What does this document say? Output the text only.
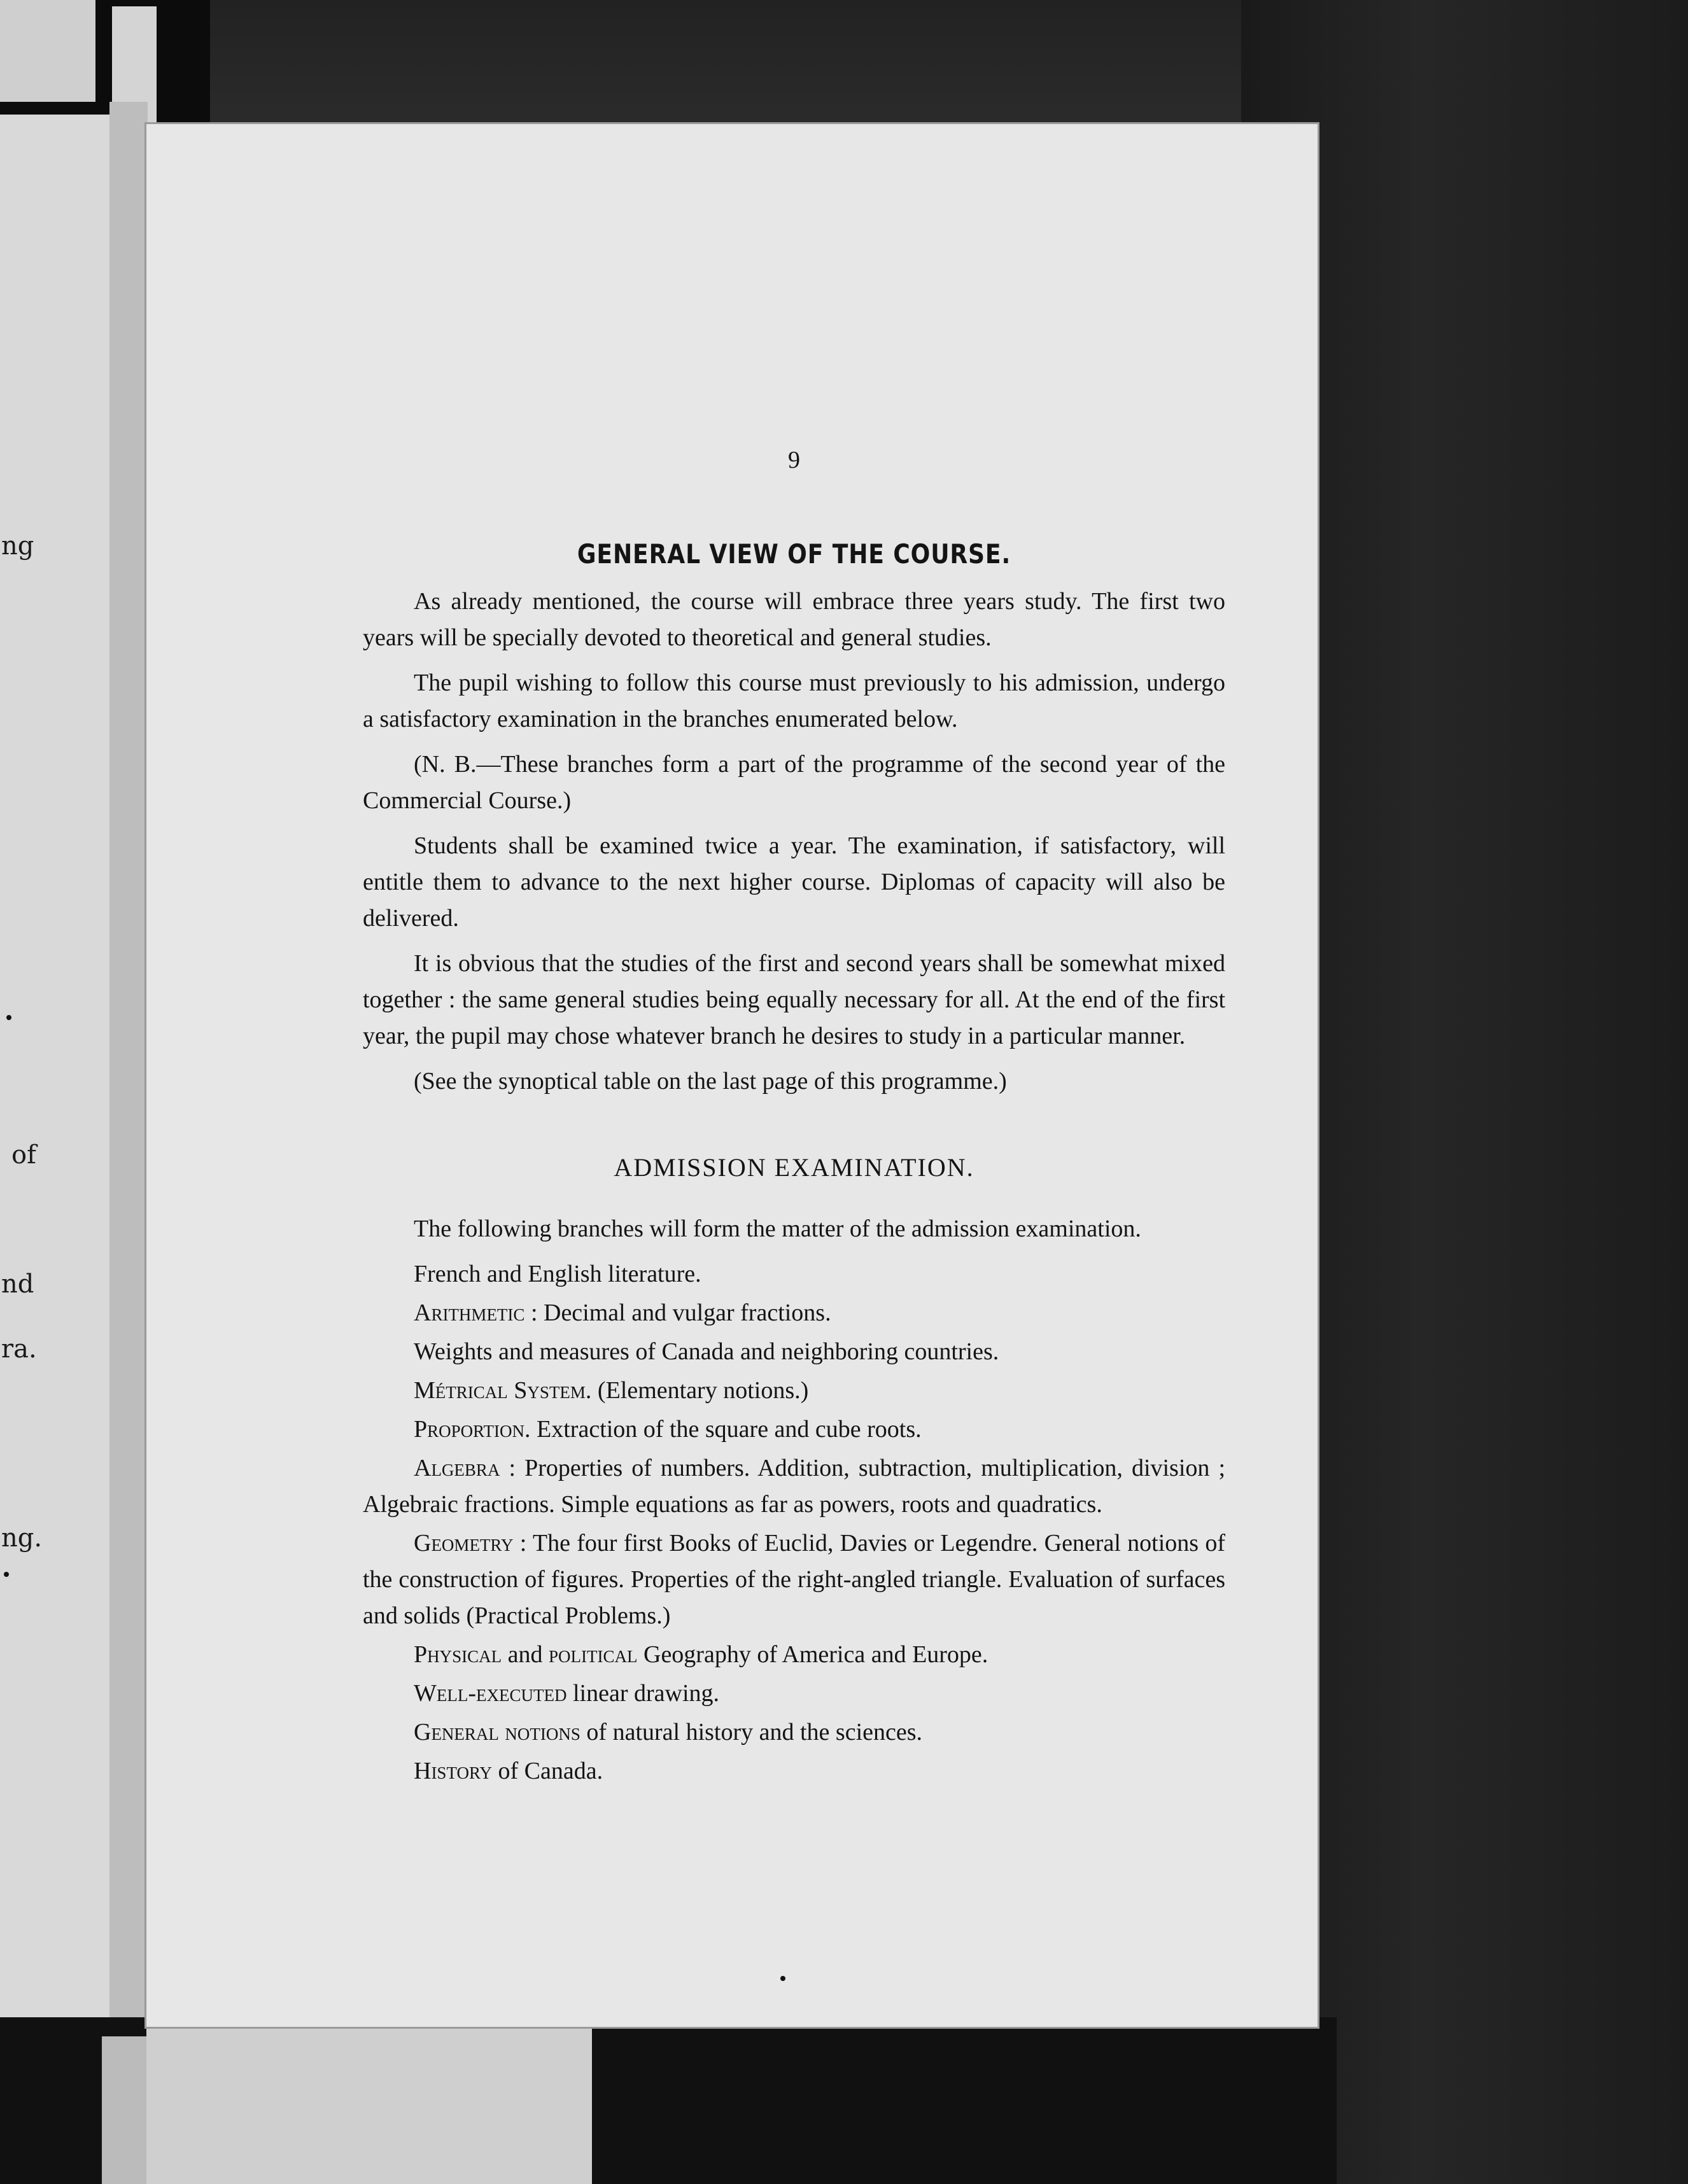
ng
of
nd
ra.
ng.
9
GENERAL VIEW OF THE COURSE.

As already mentioned, the course will embrace three years study. The first two years will be specially devoted to theoretical and general studies.

The pupil wishing to follow this course must previously to his admission, undergo a satisfactory examination in the branches enumerated below.

(N. B.—These branches form a part of the programme of the second year of the Commercial Course.)

Students shall be examined twice a year. The examination, if satisfactory, will entitle them to advance to the next higher course. Diplomas of capacity will also be delivered.

It is obvious that the studies of the first and second years shall be somewhat mixed together : the same general studies being equally necessary for all. At the end of the first year, the pupil may chose whatever branch he desires to study in a particular manner.

(See the synoptical table on the last page of this programme.)

ADMISSION EXAMINATION.

The following branches will form the matter of the admission examination.

French and English literature.

Arithmetic : Decimal and vulgar fractions.

Weights and measures of Canada and neighboring countries.

Métrical System. (Elementary notions.)

Proportion. Extraction of the square and cube roots.

Algebra : Properties of numbers. Addition, subtraction, multiplication, division ; Algebraic fractions. Simple equations as far as powers, roots and quadratics.

Geometry : The four first Books of Euclid, Davies or Legendre. General notions of the construction of figures. Properties of the right-angled triangle. Evaluation of surfaces and solids (Practical Problems.)

Physical and political Geography of America and Europe.

Well-executed linear drawing.

General notions of natural history and the sciences.

History of Canada.
